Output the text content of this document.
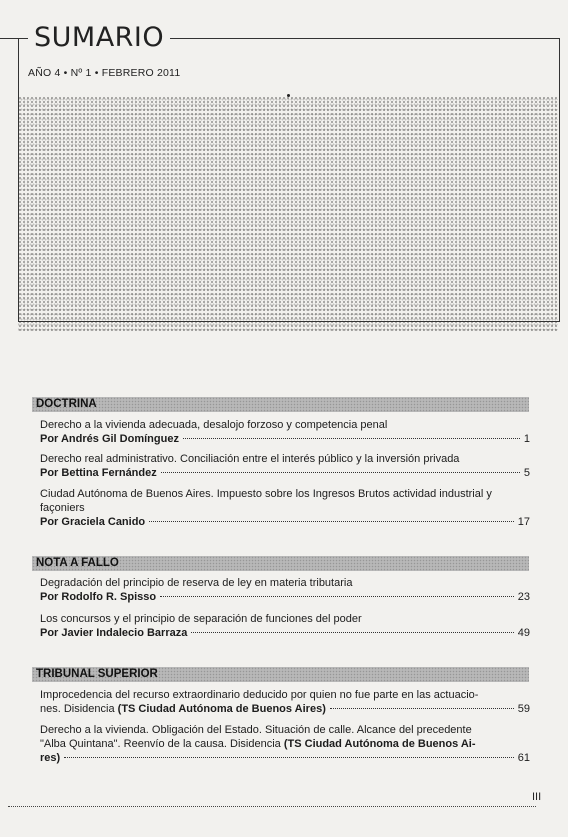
SUMARIO
AÑO 4 • Nº 1 • FEBRERO 2011
DOCTRINA
Derecho a la vivienda adecuada, desalojo forzoso y competencia penal
Por Andrés Gil Domínguez	1
Derecho real administrativo. Conciliación entre el interés público y la inversión privada
Por Bettina Fernández	5
Ciudad Autónoma de Buenos Aires. Impuesto sobre los Ingresos Brutos actividad industrial y façoniers
Por Graciela Canido	17
NOTA A FALLO
Degradación del principio de reserva de ley en materia tributaria
Por Rodolfo R. Spisso	23
Los concursos y el principio de separación de funciones del poder
Por Javier Indalecio Barraza	49
TRIBUNAL SUPERIOR
Improcedencia del recurso extraordinario deducido por quien no fue parte en las actuacio-
nes. Disidencia (TS Ciudad Autónoma de Buenos Aires)	59
Derecho a la vivienda. Obligación del Estado. Situación de calle. Alcance del precedente
"Alba Quintana". Reenvío de la causa. Disidencia (TS Ciudad Autónoma de Buenos Ai-
res)	61
III
